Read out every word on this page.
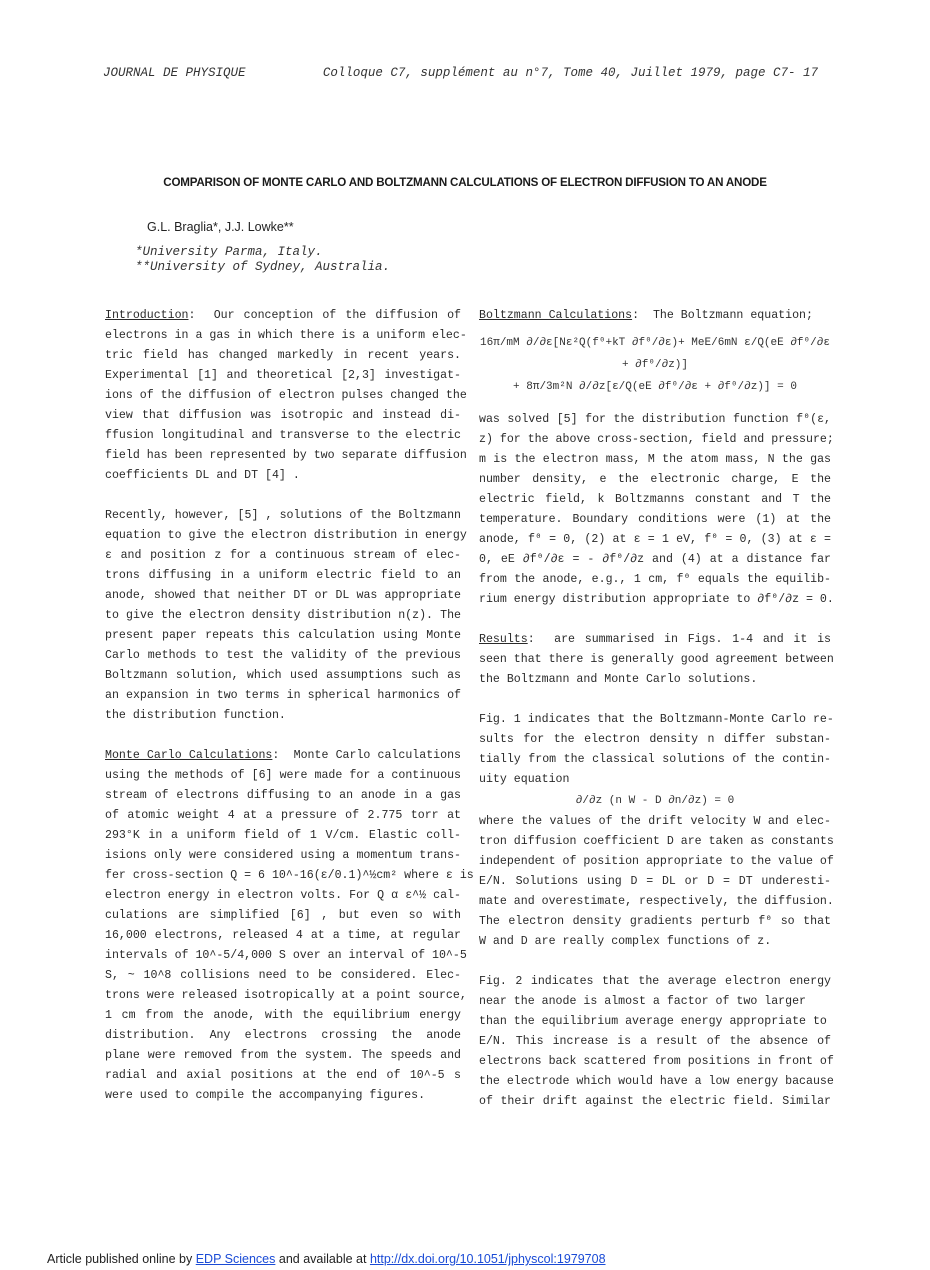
JOURNAL DE PHYSIQUE	Colloque C7, supplément au n°7, Tome 40, Juillet 1979, page C7- 17
COMPARISON OF MONTE CARLO AND BOLTZMANN CALCULATIONS OF ELECTRON DIFFUSION TO AN ANODE
G.L. Braglia*, J.J. Lowke**
*University Parma, Italy.
**University of Sydney, Australia.

Introduction:  Our conception of the diffusion of
electrons in a gas in which there is a uniform elec-
tric field has changed markedly in recent years.
Experimental [1] and theoretical [2,3] investigat-
ions of the diffusion of electron pulses changed the
view that diffusion was isotropic and instead di-
ffusion longitudinal and transverse to the electric
field has been represented by two separate diffusion
coefficients DL and DT [4] .

Recently, however, [5] , solutions of the Boltzmann
equation to give the electron distribution in energy
ε and position z for a continuous stream of elec-
trons diffusing in a uniform electric field to an
anode, showed that neither DT or DL was appropriate
to give the electron density distribution n(z). The
present paper repeats this calculation using Monte
Carlo methods to test the validity of the previous
Boltzmann solution, which used assumptions such as
an expansion in two terms in spherical harmonics of
the distribution function.

Monte Carlo Calculations:  Monte Carlo calculations
using the methods of [6] were made for a continuous
stream of electrons diffusing to an anode in a gas
of atomic weight 4 at a pressure of 2.775 torr at
293°K in a uniform field of 1 V/cm. Elastic coll-
isions only were considered using a momentum trans-
fer cross-section Q = 6 10^-16(ε/0.1)^½cm² where ε is
electron energy in electron volts. For Q α ε^½ cal-
culations are simplified [6] , but even so with
16,000 electrons, released 4 at a time, at regular
intervals of 10^-5/4,000 S over an interval of 10^-5
S, ~ 10^8 collisions need to be considered. Elec-
trons were released isotropically at a point source,
1 cm from the anode, with the equilibrium energy
distribution. Any electrons crossing the anode
plane were removed from the system. The speeds and
radial and axial positions at the end of 10^-5 s
were used to compile the accompanying figures.

Boltzmann Calculations:  The Boltzmann equation;
16π/mM ∂/∂ε[Nε²Q(f⁰+kT ∂f⁰/∂ε)+ MeE/6mN ε/Q(eE ∂f⁰/∂ε + ∂f⁰/∂z)]
+ 8π/3m²N ∂/∂z[ε/Q(eE ∂f⁰/∂ε + ∂f⁰/∂z)] = 0

was solved [5] for the distribution function f⁰(ε,
z) for the above cross-section, field and pressure;
m is the electron mass, M the atom mass, N the gas
number density, e the electronic charge, E the
electric field, k Boltzmanns constant and T the
temperature. Boundary conditions were (1) at the
anode, f⁰ = 0, (2) at ε = 1 eV, f⁰ = 0, (3) at ε =
0, eE ∂f⁰/∂ε = - ∂f⁰/∂z and (4) at a distance far
from the anode, e.g., 1 cm, f⁰ equals the equilib-
rium energy distribution appropriate to ∂f⁰/∂z = 0.

Results:  are summarised in Figs. 1-4 and it is
seen that there is generally good agreement between
the Boltzmann and Monte Carlo solutions.

Fig. 1 indicates that the Boltzmann-Monte Carlo re-
sults for the electron density n differ substan-
tially from the classical solutions of the contin-
uity equation
∂/∂z (n W - D ∂n/∂z) = 0
where the values of the drift velocity W and elec-
tron diffusion coefficient D are taken as constants
independent of position appropriate to the value of
E/N. Solutions using D = DL or D = DT underesti-
mate and overestimate, respectively, the diffusion.
The electron density gradients perturb f⁰ so that
W and D are really complex functions of z.

Fig. 2 indicates that the average electron energy
near the anode is almost a factor of two larger
than the equilibrium average energy appropriate to
E/N. This increase is a result of the absence of
electrons back scattered from positions in front of
the electrode which would have a low energy bacause
of their drift against the electric field. Similar

Article published online by EDP Sciences and available at http://dx.doi.org/10.1051/jphyscol:1979708
